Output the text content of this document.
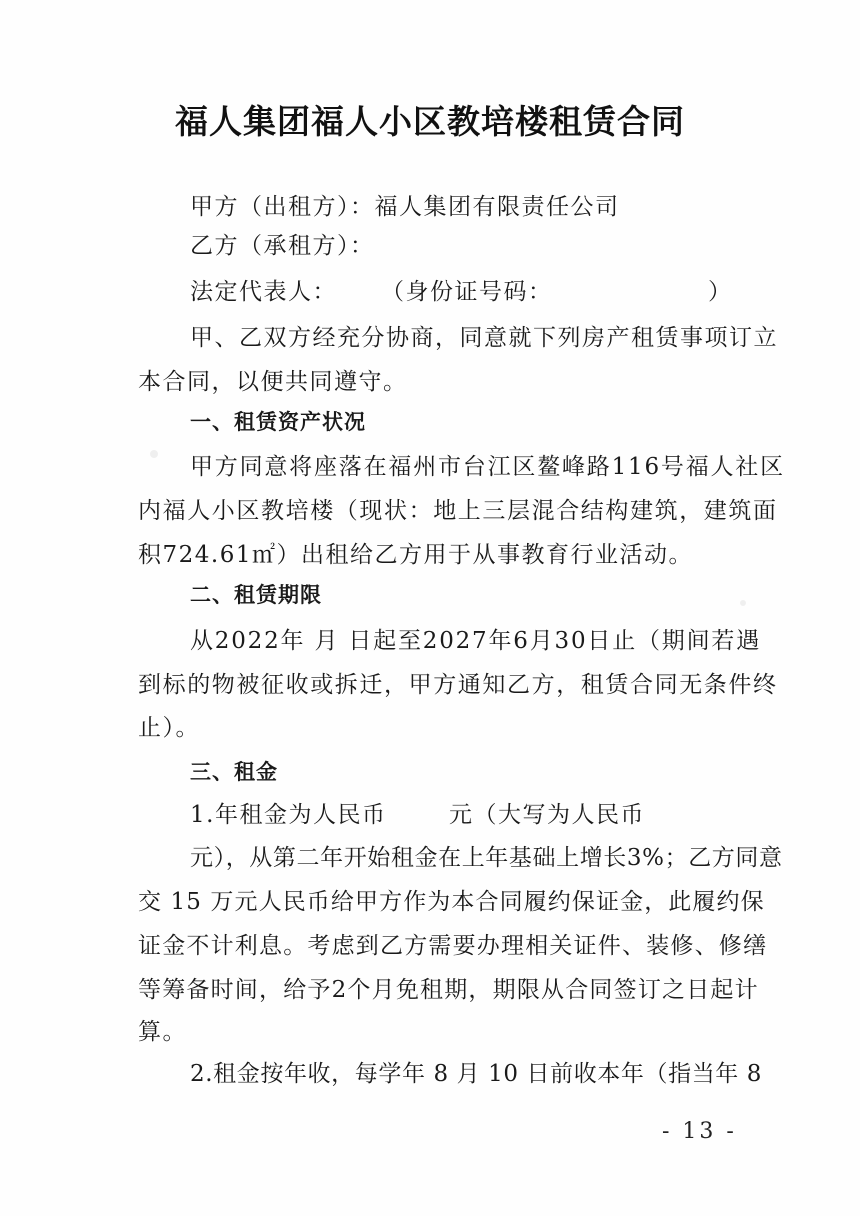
福人集团福人小区教培楼租赁合同
甲方（出租方）：福人集团有限责任公司
乙方（承租方）：
法定代表人： （身份证号码：	）
甲、乙双方经充分协商，同意就下列房产租赁事项订立
本合同，以便共同遵守。
一、租赁资产状况
甲方同意将座落在福州市台江区鳌峰路116号福人社区
内福人小区教培楼（现状：地上三层混合结构建筑，建筑面
积724.61㎡）出租给乙方用于从事教育行业活动。
二、租赁期限
从2022年 月 日起至2027年6月30日止（期间若遇
到标的物被征收或拆迁，甲方通知乙方，租赁合同无条件终
止）。
三、租金
1.年租金为人民币	元（大写为人民币
元），从第二年开始租金在上年基础上增长3%；乙方同意
交 15 万元人民币给甲方作为本合同履约保证金，此履约保
证金不计利息。考虑到乙方需要办理相关证件、装修、修缮
等筹备时间，给予2个月免租期，期限从合同签订之日起计
算。
2.租金按年收，每学年 8 月 10 日前收本年（指当年 8
- 13 -
